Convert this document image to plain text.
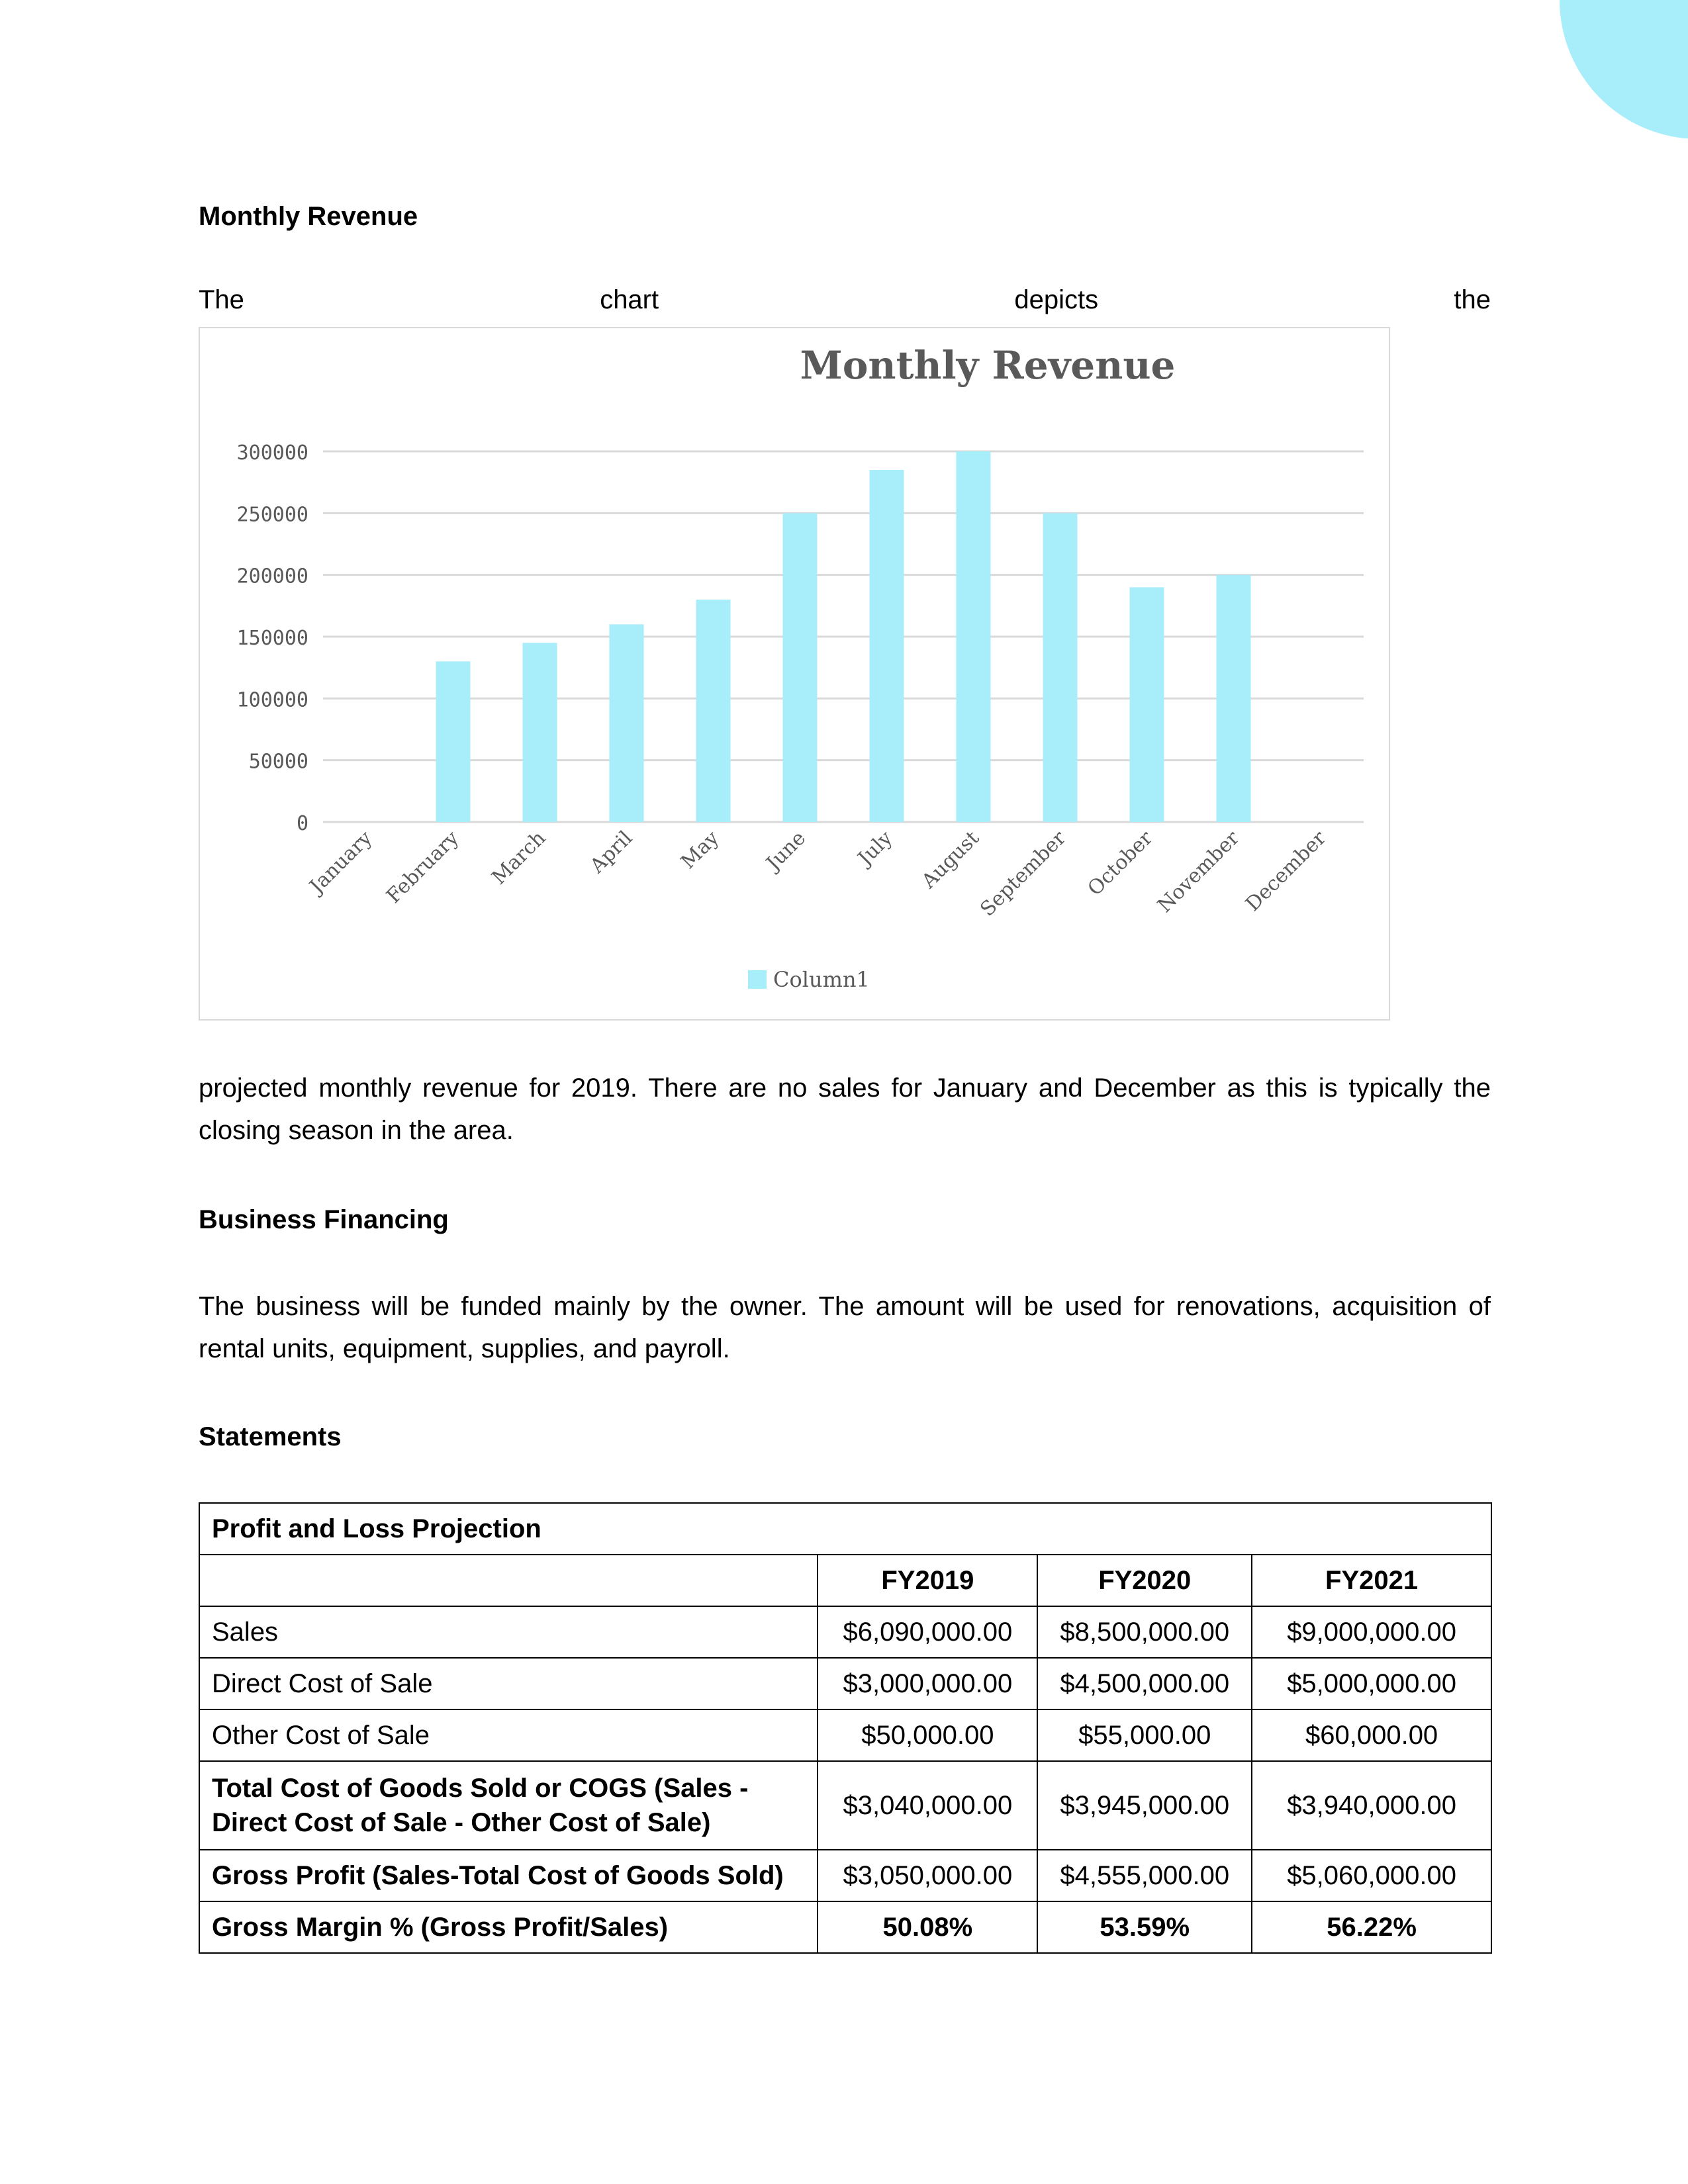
Monthly Revenue
The	chart	depicts	the
Monthly Revenue
0
50000
100000
150000
200000
250000
300000
January February March April May June July August
September October
November
December
Column1
projected monthly revenue for 2019. There are no sales for January and December as this is typically the closing season in the area.
Business Financing
The business will be funded mainly by the owner. The amount will be used for renovations, acquisition of rental units, equipment, supplies, and payroll.
Statements
Profit and Loss Projection			
	FY2019	FY2020	FY2021
Sales	$6,090,000.00	$8,500,000.00	$9,000,000.00
Direct Cost of Sale	$3,000,000.00	$4,500,000.00	$5,000,000.00
Other Cost of Sale	$50,000.00	$55,000.00	$60,000.00
Total Cost of Goods Sold or COGS (Sales - Direct Cost of Sale - Other Cost of Sale)	$3,040,000.00	$3,945,000.00	$3,940,000.00
Gross Profit (Sales-Total Cost of Goods Sold)	$3,050,000.00	$4,555,000.00	$5,060,000.00
Gross Margin % (Gross Profit/Sales)	50.08%	53.59%	56.22%
